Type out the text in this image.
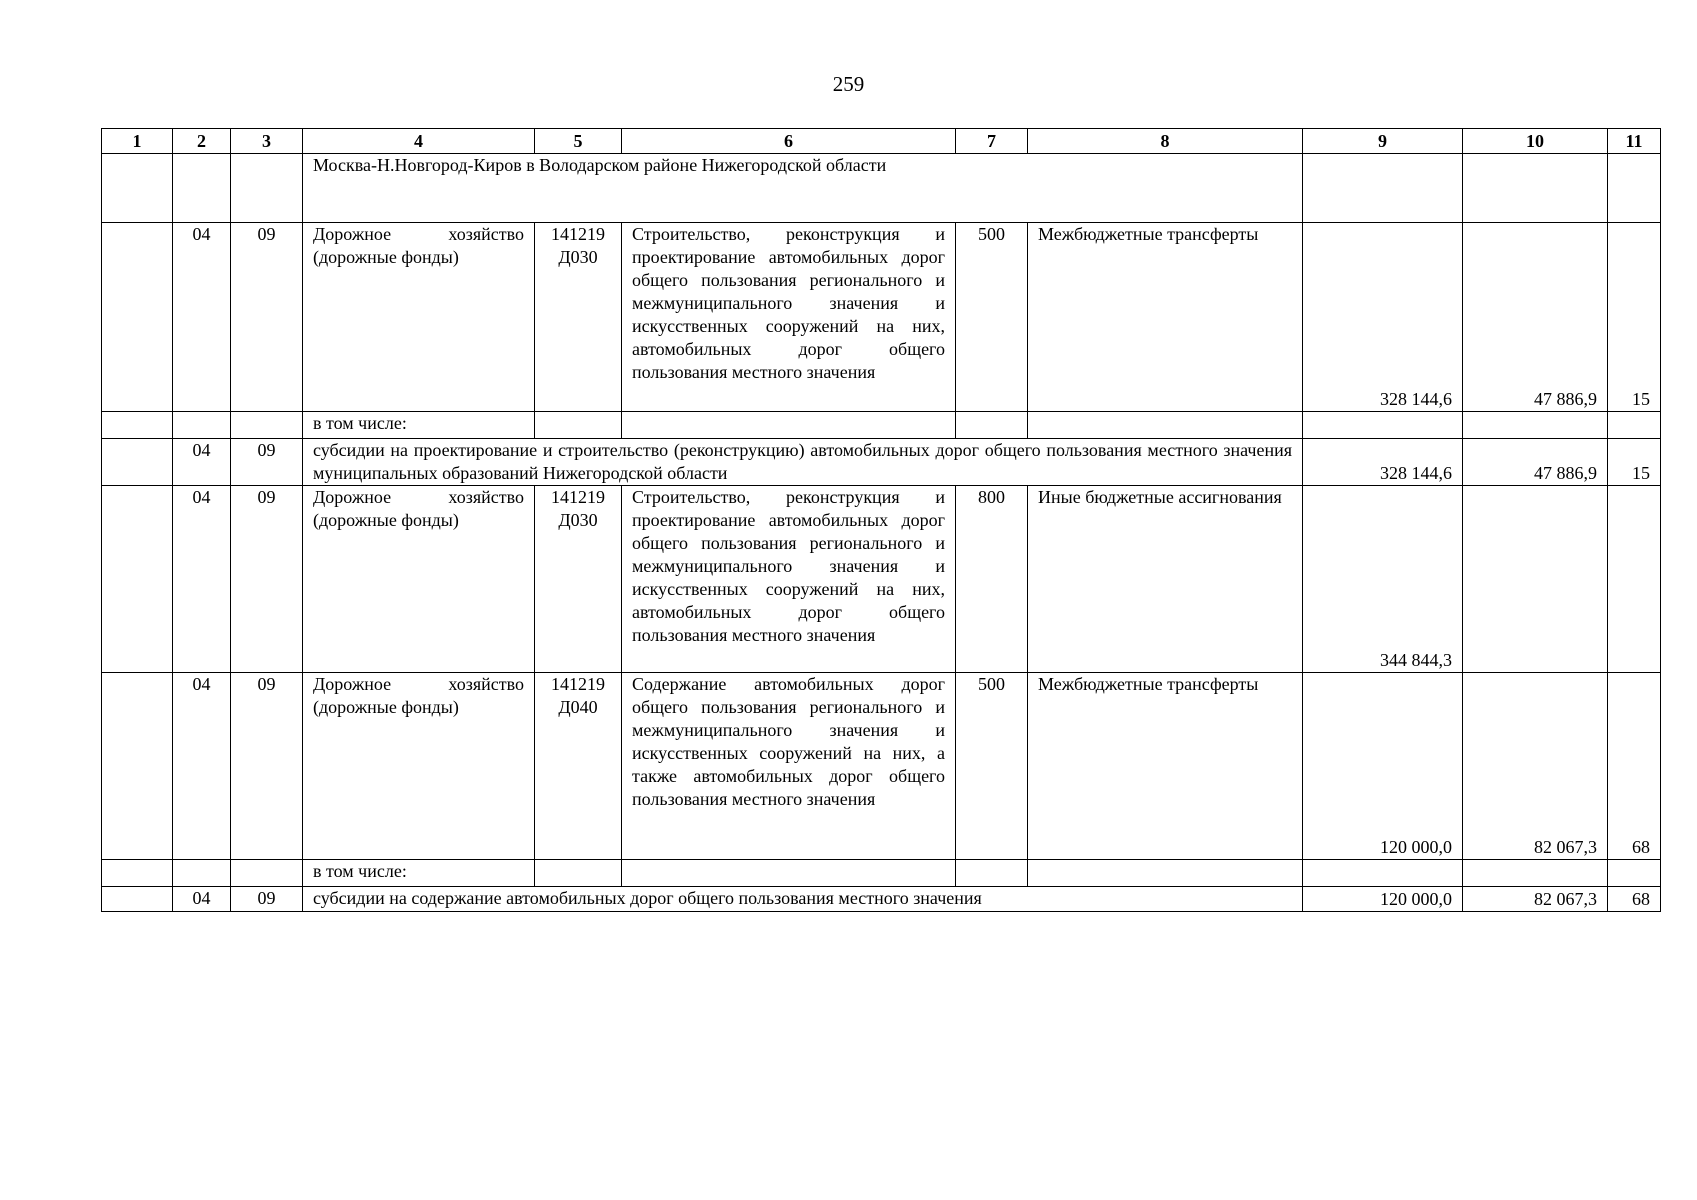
259
1	2	3	4	5	6	7	8	9	10	11
			Москва-Н.Новгород-Киров в Володарском районе Нижегородской области							
	04	09	Дорожное хозяйство (дорожные фонды)	141219 Д030	Строительство, реконструкция и проектирование автомобильных дорог общего пользования регионального и межмуниципального значения и искусственных сооружений на них, автомобильных дорог общего пользования местного значения	500	Межбюджетные трансферты	328 144,6	47 886,9	15
			в том числе:							
	04	09	субсидии на проектирование и строительство (реконструкцию) автомобильных дорог общего пользования местного значения муниципальных образований Нижегородской области					328 144,6	47 886,9	15
	04	09	Дорожное хозяйство (дорожные фонды)	141219 Д030	Строительство, реконструкция и проектирование автомобильных дорог общего пользования регионального и межмуниципального значения и искусственных сооружений на них, автомобильных дорог общего пользования местного значения	800	Иные бюджетные ассигнования	344 844,3		
	04	09	Дорожное хозяйство (дорожные фонды)	141219 Д040	Содержание автомобильных дорог общего пользования регионального и межмуниципального значения и искусственных сооружений на них, а также автомобильных дорог общего пользования местного значения	500	Межбюджетные трансферты	120 000,0	82 067,3	68
			в том числе:							
	04	09	субсидии на содержание автомобильных дорог общего пользования местного значения					120 000,0	82 067,3	68
